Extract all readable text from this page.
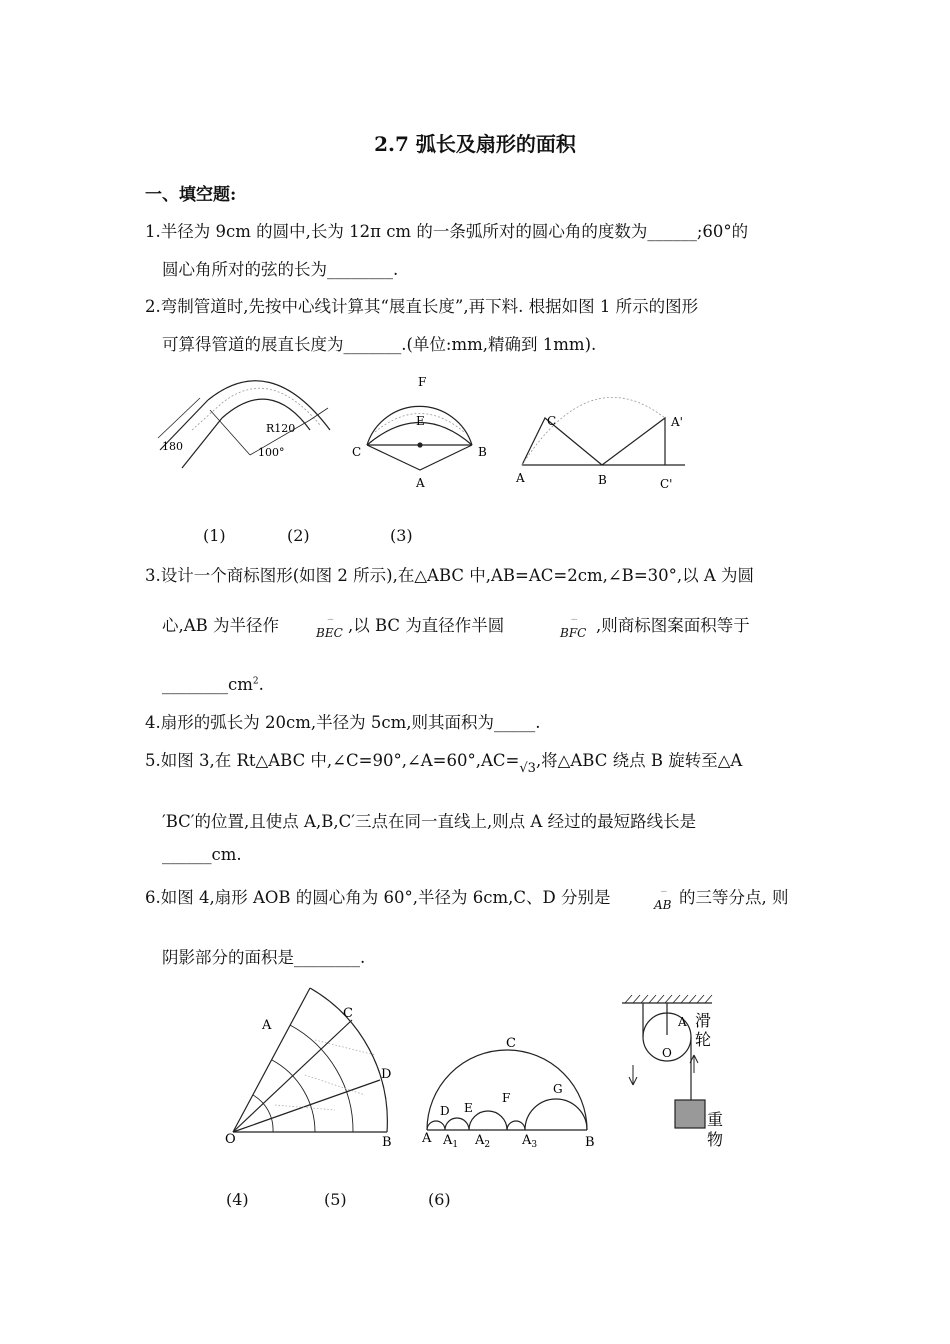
2.7 弧长及扇形的面积
一、填空题:
1.半径为 9cm 的圆中,长为 12π cm 的一条弧所对的圆心角的度数为______;60°的
圆心角所对的弦的长为________.
2.弯制管道时,先按中心线计算其“展直长度”,再下料. 根据如图 1 所示的图形
可算得管道的展直长度为_______.(单位:mm,精确到 1mm).
180
R120
100°
F
E
C	B
A
C	A'
A	B	C'
(1)	(2)	(3)
3.设计一个商标图形(如图 2 所示),在△ABC 中,AB=AC=2cm,∠B=30°,以 A 为圆
心,AB 为半径作	⌒
BEC ,以 BC 为直径作半圆	⌒
BFC ,则商标图案面积等于
$\_\_\_\_\_\_\_\_cm^2$.
4.扇形的弧长为 20cm,半径为 5cm,则其面积为_____.
5.如图 3,在 Rt△ABC 中$,\angle C=90^\circ,\angle A=60^\circ,AC=_{√3}$,将△ABC 绕点 B 旋转至△A
′BC′的位置,且使点 A,B,C′三点在同一直线上,则点 A 经过的最短路线长是
______cm.
6.如图 4,扇形 AOB 的圆心角为 60°,半径为 6cm,C、D 分别是	⌒
AB 的三等分点, 则
阴影部分的面积是________.
A
C
D
O	B
C
D E
F
G
A $A_1$ $A_2$ $A_3$	B
A
O
滑
轮
重
物
(4)	(5)	(6)
